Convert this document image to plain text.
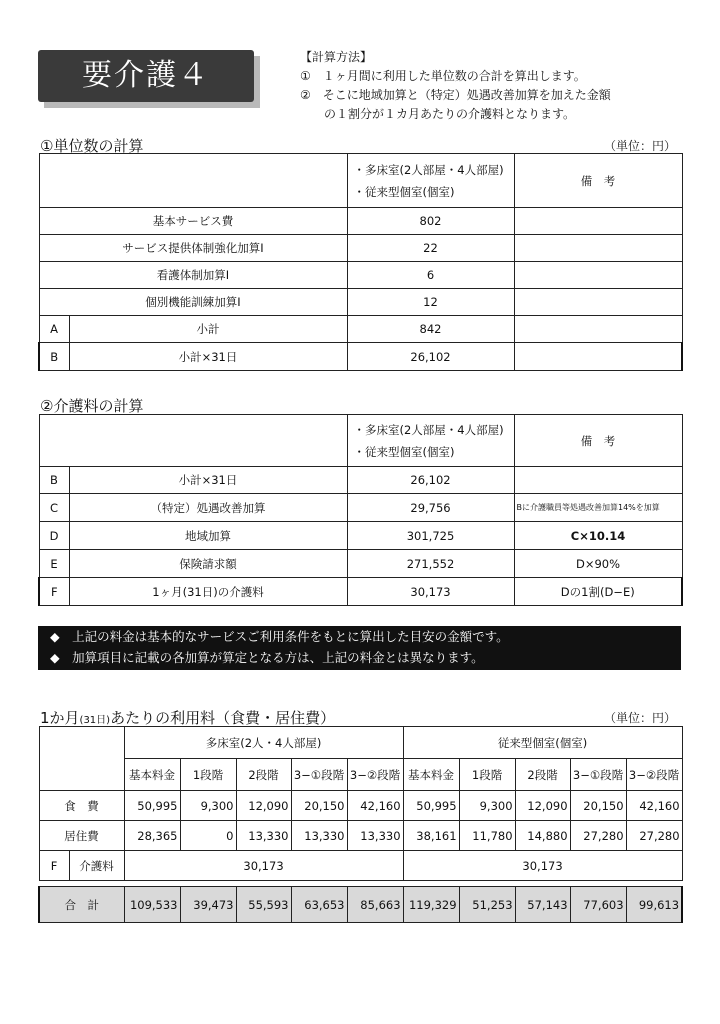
要介護４
【計算方法】
①　１ヶ月間に利用した単位数の合計を算出します。
②　そこに地域加算と（特定）処遇改善加算を加えた金額
　　の１割分が１カ月あたりの介護料となります。
①単位数の計算	（単位：円）

		・多床室(2人部屋・4人部屋)
・従来型個室(個室)	備　考
基本サービス費		802	
サービス提供体制強化加算Ⅰ		22	
看護体制加算Ⅰ		6	
個別機能訓練加算Ⅰ		12	
A	小計	842	
B	小計×31日	26,102	
②介護料の計算

		・多床室(2人部屋・4人部屋)
・従来型個室(個室)	備　考
B	小計×31日	26,102	
C	（特定）処遇改善加算	29,756	Bに介護職員等処遇改善加算14%を加算
D	地域加算	301,725	C×10.14
E	保険請求額	271,552	D×90%
F	1ヶ月(31日)の介護料	30,173	Dの1割(D−E)
◆　上記の料金は基本的なサービスご利用条件をもとに算出した目安の金額です。
◆　加算項目に記載の各加算が算定となる方は、上記の料金とは異なります。
1か月(31日)あたりの利用料（食費・居住費）	（単位：円）
		多床室(2人・4人部屋)					従来型個室(個室)				
		基本料金	1段階	2段階	3−①段階	3−②段階	基本料金	1段階	2段階	3−①段階	3−②段階
食　費		50,995	9,300	12,090	20,150	42,160	50,995	9,300	12,090	20,150	42,160
居住費		28,365	0	13,330	13,330	13,330	38,161	11,780	14,880	27,280	27,280
F	介護料	30,173					30,173				

合　計		109,533	39,473	55,593	63,653	85,663	119,329	51,253	57,143	77,603	99,613
